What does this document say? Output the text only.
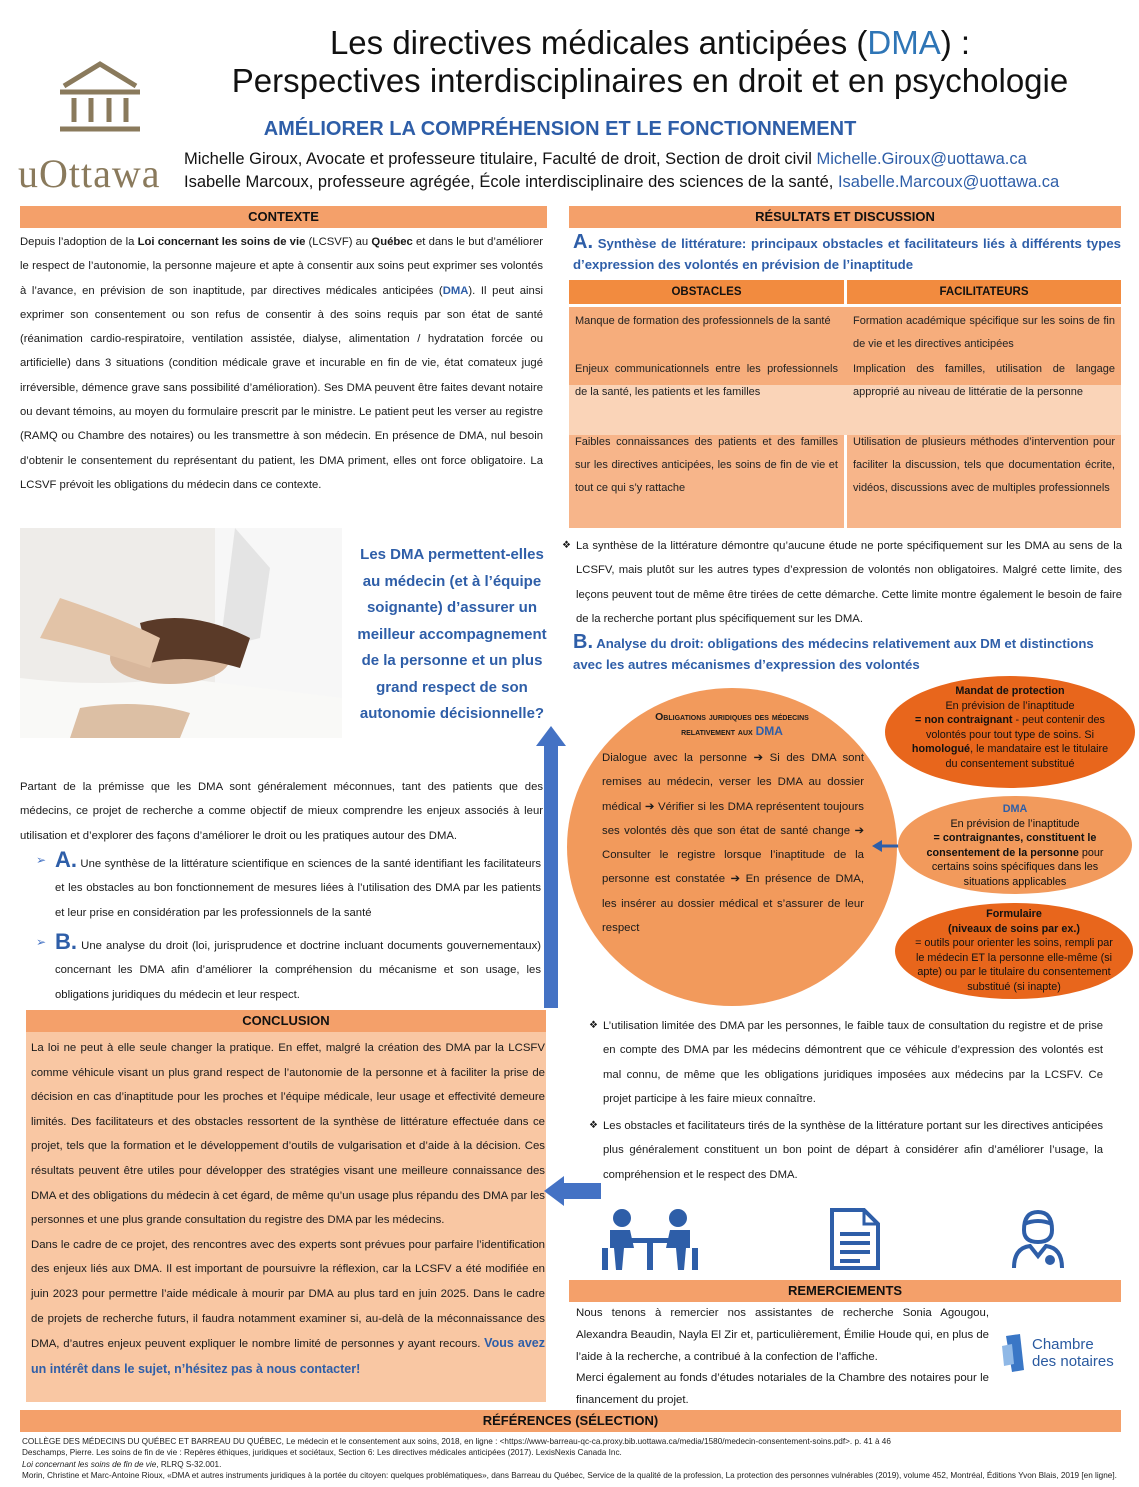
uOttawa
Les directives médicales anticipées (DMA) :
Perspectives interdisciplinaires en droit et en psychologie
AMÉLIORER LA COMPRÉHENSION ET LE FONCTIONNEMENT
Michelle Giroux, Avocate et professeure titulaire, Faculté de droit, Section de droit civil Michelle.Giroux@uottawa.ca
Isabelle Marcoux, professeure agrégée, École interdisciplinaire des sciences de la santé, Isabelle.Marcoux@uottawa.ca
CONTEXTE
Depuis l’adoption de la Loi concernant les soins de vie (LCSVF) au Québec et dans le but d’améliorer le respect de l’autonomie, la personne majeure et apte à consentir aux soins peut exprimer ses volontés à l’avance, en prévision de son inaptitude, par directives médicales anticipées (DMA). Il peut ainsi exprimer son consentement ou son refus de consentir à des soins requis par son état de santé (réanimation cardio-respiratoire, ventilation assistée, dialyse, alimentation / hydratation forcée ou artificielle) dans 3 situations (condition médicale grave et incurable en fin de vie, état comateux jugé irréversible, démence grave sans possibilité d’amélioration). Ses DMA peuvent être faites devant notaire ou devant témoins, au moyen du formulaire prescrit par le ministre. Le patient peut les verser au registre (RAMQ ou Chambre des notaires) ou les transmettre à son médecin. En présence de DMA, nul besoin d’obtenir le consentement du représentant du patient, les DMA priment, elles ont force obligatoire. La LCSVF prévoit les obligations du médecin dans ce contexte.
Les DMA permettent-elles au médecin (et à l’équipe soignante) d’assurer un meilleur accompagnement de la personne et un plus grand respect de son autonomie décisionnelle?
Partant de la prémisse que les DMA sont généralement méconnues, tant des patients que des médecins, ce projet de recherche a comme objectif de mieux comprendre les enjeux associés à leur utilisation et d’explorer des façons d’améliorer le droit ou les pratiques autour des DMA.
➢ A. Une synthèse de la littérature scientifique en sciences de la santé identifiant les facilitateurs et les obstacles au bon fonctionnement de mesures liées à l’utilisation des DMA par les patients et leur prise en considération par les professionnels de la santé
➢ B. Une analyse du droit (loi, jurisprudence et doctrine incluant documents gouvernementaux) concernant les DMA afin d’améliorer la compréhension du mécanisme et son usage, les obligations juridiques du médecin et leur respect.
CONCLUSION
La loi ne peut à elle seule changer la pratique. En effet, malgré la création des DMA par la LCSFV comme véhicule visant un plus grand respect de l’autonomie de la personne et à faciliter la prise de décision en cas d’inaptitude pour les proches et l’équipe médicale, leur usage et effectivité demeure limités. Des facilitateurs et des obstacles ressortent de la synthèse de littérature effectuée dans ce projet, tels que la formation et le développement d’outils de vulgarisation et d’aide à la décision. Ces résultats peuvent être utiles pour développer des stratégies visant une meilleure connaissance des DMA et des obligations du médecin à cet égard, de même qu’un usage plus répandu des DMA par les personnes et une plus grande consultation du registre des DMA par les médecins.
Dans le cadre de ce projet, des rencontres avec des experts sont prévues pour parfaire l’identification des enjeux liés aux DMA. Il est important de poursuivre la réflexion, car la LCSFV a été modifiée en juin 2023 pour permettre l’aide médicale à mourir par DMA au plus tard en juin 2025. Dans le cadre de projets de recherche futurs, il faudra notamment examiner si, au-delà de la méconnaissance des DMA, d’autres enjeux peuvent expliquer le nombre limité de personnes y ayant recours. Vous avez un intérêt dans le sujet, n’hésitez pas à nous contacter!
RÉSULTATS ET DISCUSSION
A. Synthèse de littérature: principaux obstacles et facilitateurs liés à différents types d’expression des volontés en prévision de l’inaptitude
OBSTACLES	FACILITATEURS
Manque de formation des professionnels de la santé	Formation académique spécifique sur les soins de fin de vie et les directives anticipées
Enjeux communicationnels entre les professionnels de la santé, les patients et les familles
Implication des familles, utilisation de langage approprié au niveau de littératie de la personne
Faibles connaissances des patients et des familles sur les directives anticipées, les soins de fin de vie et tout ce qui s’y rattache
Utilisation de plusieurs méthodes d’intervention pour faciliter la discussion, tels que documentation écrite, vidéos, discussions avec de multiples professionnels
❖ La synthèse de la littérature démontre qu’aucune étude ne porte spécifiquement sur les DMA au sens de la LCSFV, mais plutôt sur les autres types d’expression de volontés non obligatoires. Malgré cette limite, des leçons peuvent tout de même être tirées de cette démarche. Cette limite montre également le besoin de faire de la recherche portant plus spécifiquement sur les DMA.
B. Analyse du droit: obligations des médecins relativement aux DM et distinctions avec les autres mécanismes d’expression des volontés
Obligations juridiques des médecins relativement aux DMA
Dialogue avec la personne ➔ Si des DMA sont remises au médecin, verser les DMA au dossier médical ➔ Vérifier si les DMA représentent toujours ses volontés dès que son état de santé change ➔ Consulter le registre lorsque l’inaptitude de la personne est constatée ➔ En présence de DMA, les insérer au dossier médical et s’assurer de leur respect
Mandat de protection
En prévision de l’inaptitude
= non contraignant - peut contenir des volontés pour tout type de soins. Si homologué, le mandataire est le titulaire du consentement substitué
DMA
En prévision de l’inaptitude
= contraignantes, constituent le consentement de la personne pour certains soins spécifiques dans les situations applicables
Formulaire
(niveaux de soins par ex.)
= outils pour orienter les soins, rempli par le médecin ET la personne elle-même (si apte) ou par le titulaire du consentement substitué (si inapte)
❖ L’utilisation limitée des DMA par les personnes, le faible taux de consultation du registre et de prise en compte des DMA par les médecins démontrent que ce véhicule d’expression des volontés est mal connu, de même que les obligations juridiques imposées aux médecins par la LCSFV. Ce projet participe à les faire mieux connaître.
❖ Les obstacles et facilitateurs tirés de la synthèse de la littérature portant sur les directives anticipées plus généralement constituent un bon point de départ à considérer afin d’améliorer l’usage, la compréhension et le respect des DMA.
REMERCIEMENTS
Nous tenons à remercier nos assistantes de recherche Sonia Agougou, Alexandra Beaudin, Nayla El Zir et, particulièrement, Émilie Houde qui, en plus de l’aide à la recherche, a contribué à la confection de l’affiche.
Merci également au fonds d’études notariales de la Chambre des notaires pour le financement du projet.
Chambre
des notaires
RÉFÉRENCES (SÉLECTION)
COLLÈGE DES MÉDECINS DU QUÉBEC ET BARREAU DU QUÉBEC, Le médecin et le consentement aux soins, 2018, en ligne : <https://www-barreau-qc-ca.proxy.bib.uottawa.ca/media/1580/medecin-consentement-soins.pdf>. p. 41 à 46
Deschamps, Pierre. Les soins de fin de vie : Repères éthiques, juridiques et sociétaux, Section 6: Les directives médicales anticipées (2017). LexisNexis Canada Inc.
Loi concernant les soins de fin de vie, RLRQ S-32.001.
Morin, Christine et Marc-Antoine Rioux, «DMA et autres instruments juridiques à la portée du citoyen: quelques problématiques», dans Barreau du Québec, Service de la qualité de la profession, La protection des personnes vulnérables (2019), volume 452, Montréal, Éditions Yvon Blais, 2019 [en ligne].
